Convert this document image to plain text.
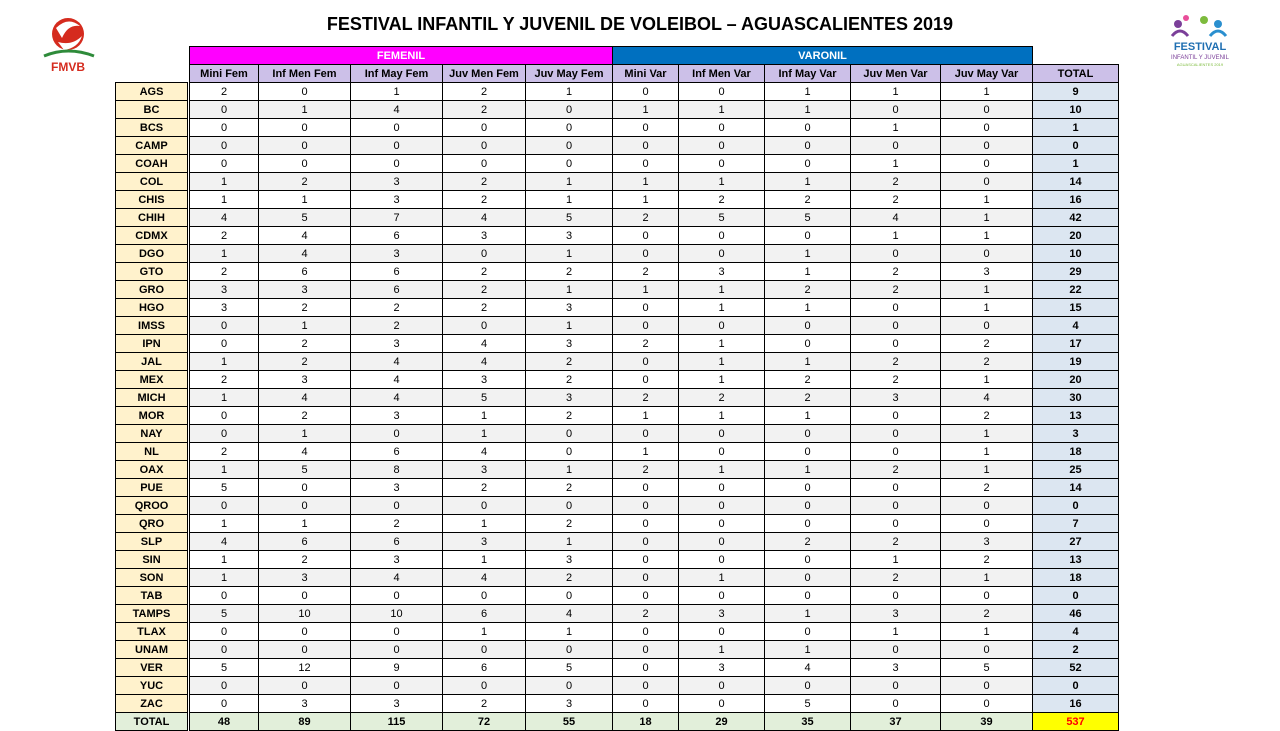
FESTIVAL INFANTIL Y JUVENIL DE VOLEIBOL – AGUASCALIENTES 2019
FMVB
FESTIVAL
INFANTIL Y JUVENIL
AGUASCALIENTES 2019
		FEMENIL					VARONIL					
		Mini Fem	Inf Men Fem	Inf May Fem	Juv Men Fem	Juv May Fem	Mini Var	Inf Men Var	Inf May Var	Juv Men Var	Juv May Var	TOTAL
AGS		2	0	1	2	1	0	0	1	1	1	9
BC		0	1	4	2	0	1	1	1	0	0	10
BCS		0	0	0	0	0	0	0	0	1	0	1
CAMP		0	0	0	0	0	0	0	0	0	0	0
COAH		0	0	0	0	0	0	0	0	1	0	1
COL		1	2	3	2	1	1	1	1	2	0	14
CHIS		1	1	3	2	1	1	2	2	2	1	16
CHIH		4	5	7	4	5	2	5	5	4	1	42
CDMX		2	4	6	3	3	0	0	0	1	1	20
DGO		1	4	3	0	1	0	0	1	0	0	10
GTO		2	6	6	2	2	2	3	1	2	3	29
GRO		3	3	6	2	1	1	1	2	2	1	22
HGO		3	2	2	2	3	0	1	1	0	1	15
IMSS		0	1	2	0	1	0	0	0	0	0	4
IPN		0	2	3	4	3	2	1	0	0	2	17
JAL		1	2	4	4	2	0	1	1	2	2	19
MEX		2	3	4	3	2	0	1	2	2	1	20
MICH		1	4	4	5	3	2	2	2	3	4	30
MOR		0	2	3	1	2	1	1	1	0	2	13
NAY		0	1	0	1	0	0	0	0	0	1	3
NL		2	4	6	4	0	1	0	0	0	1	18
OAX		1	5	8	3	1	2	1	1	2	1	25
PUE		5	0	3	2	2	0	0	0	0	2	14
QROO		0	0	0	0	0	0	0	0	0	0	0
QRO		1	1	2	1	2	0	0	0	0	0	7
SLP		4	6	6	3	1	0	0	2	2	3	27
SIN		1	2	3	1	3	0	0	0	1	2	13
SON		1	3	4	4	2	0	1	0	2	1	18
TAB		0	0	0	0	0	0	0	0	0	0	0
TAMPS		5	10	10	6	4	2	3	1	3	2	46
TLAX		0	0	0	1	1	0	0	0	1	1	4
UNAM		0	0	0	0	0	0	1	1	0	0	2
VER		5	12	9	6	5	0	3	4	3	5	52
YUC		0	0	0	0	0	0	0	0	0	0	0
ZAC		0	3	3	2	3	0	0	5	0	0	16
TOTAL		48	89	115	72	55	18	29	35	37	39	537
